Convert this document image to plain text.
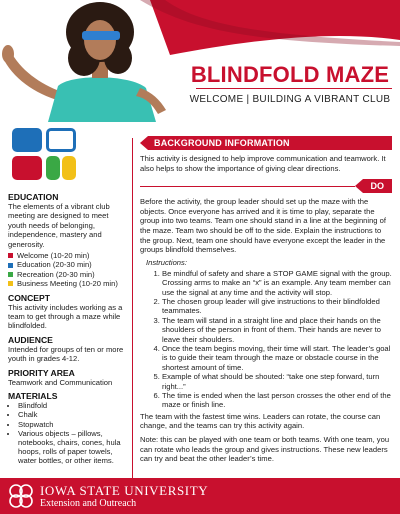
BLINDFOLD MAZE
WELCOME | BUILDING A VIBRANT CLUB
EDUCATION
The elements of a vibrant club meeting are designed to meet youth needs of belonging, independence, mastery and generosity.
Welcome (10-20 min)
Education (20-30 min)
Recreation (20-30 min)
Business Meeting (10-20 min)
CONCEPT
This activity includes working as a team to get through a maze while blindfolded.
AUDIENCE
Intended for groups of ten or more youth in grades 4-12.
PRIORITY AREA
Teamwork and Communication
MATERIALS
• Blindfold
• Chalk
• Stopwatch
• Various objects – pillows, notebooks, chairs, cones, hula hoops, rolls of paper towels, water bottles, or other items.
BACKGROUND INFORMATION

This activity is designed to help improve communication and teamwork. It also helps to show the importance of giving clear directions.

DO

Before the activity, the group leader should set up the maze with the objects. Once everyone has arrived and it is time to play, separate the group into two teams. Team one should stand in a line at the beginning of the maze. Team two should be off to the side. Explain the instructions to the group. Next, team one should have everyone except the leader in the groups blindfold themselves.

Instructions:
1. Be mindful of safety and share a STOP GAME signal with the group. Crossing arms to make an “x” is an example. Any team member can use the signal at any time and the activity will stop.
2. The chosen group leader will give instructions to their blindfolded teammates.
3. The team will stand in a straight line and place their hands on the shoulders of the person in front of them. Their hands are never to leave their shoulders.
4. Once the team begins moving, their time will start. The leader’s goal is to guide their team through the maze or obstacle course in the shortest amount of time.
5. Example of what should be shouted: “take one step forward, turn right...”
6. The time is ended when the last person crosses the other end of the maze or finish line.

The team with the fastest time wins. Leaders can rotate, the course can change, and the teams can try this activity again.

Note: this can be played with one team or both teams. With one team, you can rotate who leads the group and gives instructions. These new leaders can try and beat the other leader’s time.

IOWA STATE UNIVERSITY
Extension and Outreach
